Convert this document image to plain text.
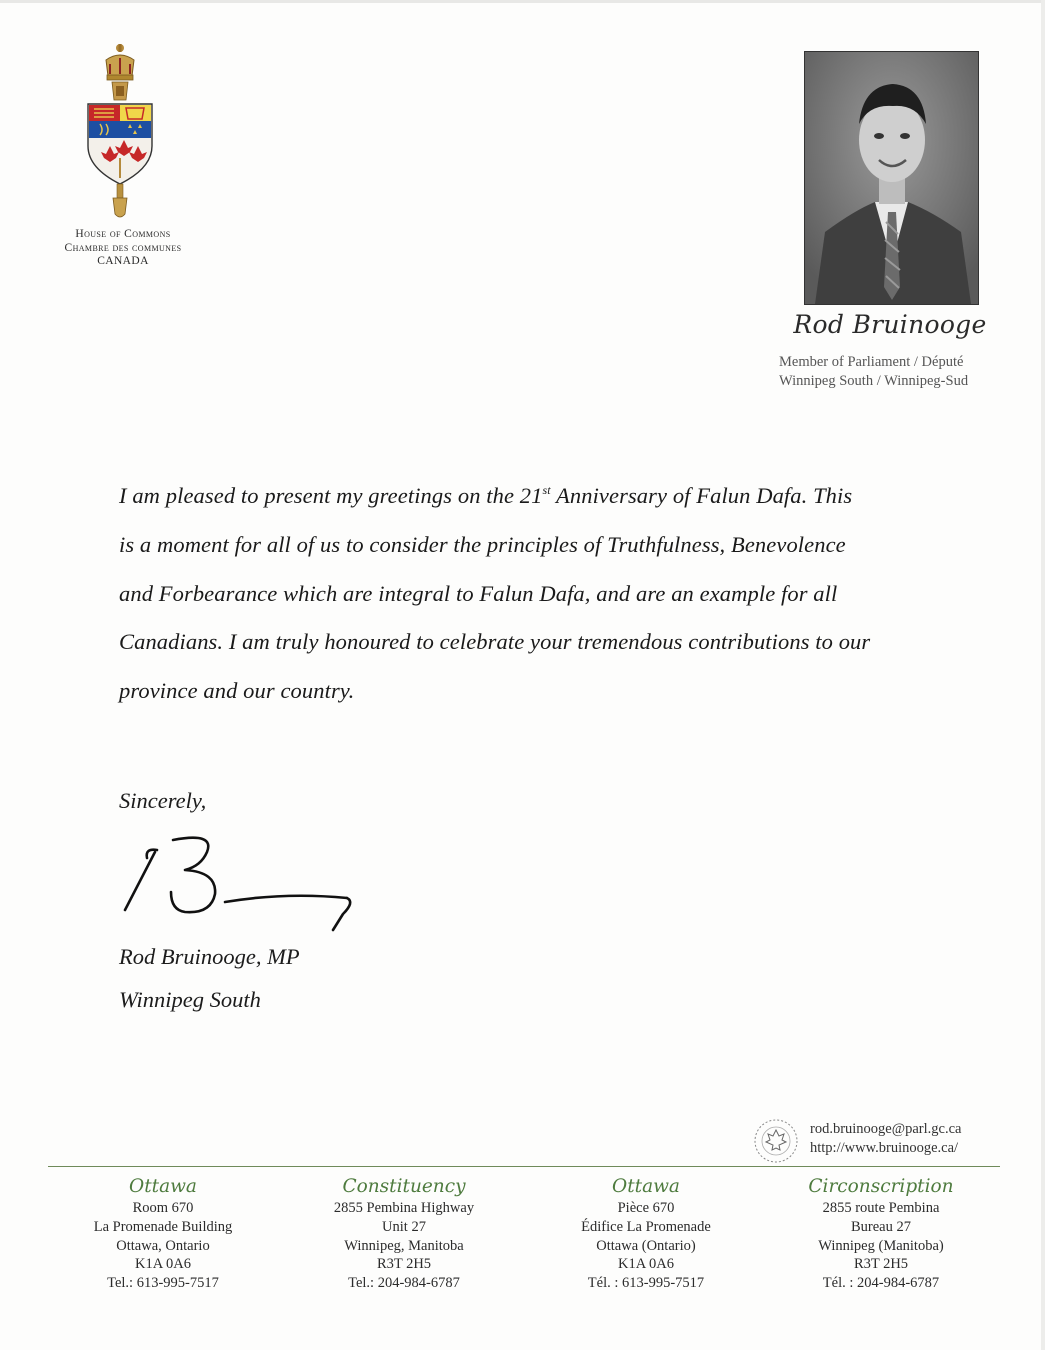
House of Commons
Chambre des communes
CANADA
Rod Bruinooge
Member of Parliament / Député
Winnipeg South / Winnipeg-Sud
I am pleased to present my greetings on the 21st Anniversary of Falun Dafa. This
is a moment for all of us to consider the principles of Truthfulness, Benevolence
and Forbearance which are integral to Falun Dafa, and are an example for all
Canadians. I am truly honoured to celebrate your tremendous contributions to our
province and our country.
Sincerely,
Rod Bruinooge, MP
Winnipeg South
rod.bruinooge@parl.gc.ca
http://www.bruinooge.ca/
Ottawa
Room 670
La Promenade Building
Ottawa, Ontario
K1A 0A6
Tel.: 613-995-7517
Constituency
2855 Pembina Highway
Unit 27
Winnipeg, Manitoba
R3T 2H5
Tel.: 204-984-6787
Ottawa
Pièce 670
Édifice La Promenade
Ottawa (Ontario)
K1A 0A6
Tél. : 613-995-7517
Circonscription
2855 route Pembina
Bureau 27
Winnipeg (Manitoba)
R3T 2H5
Tél. : 204-984-6787
